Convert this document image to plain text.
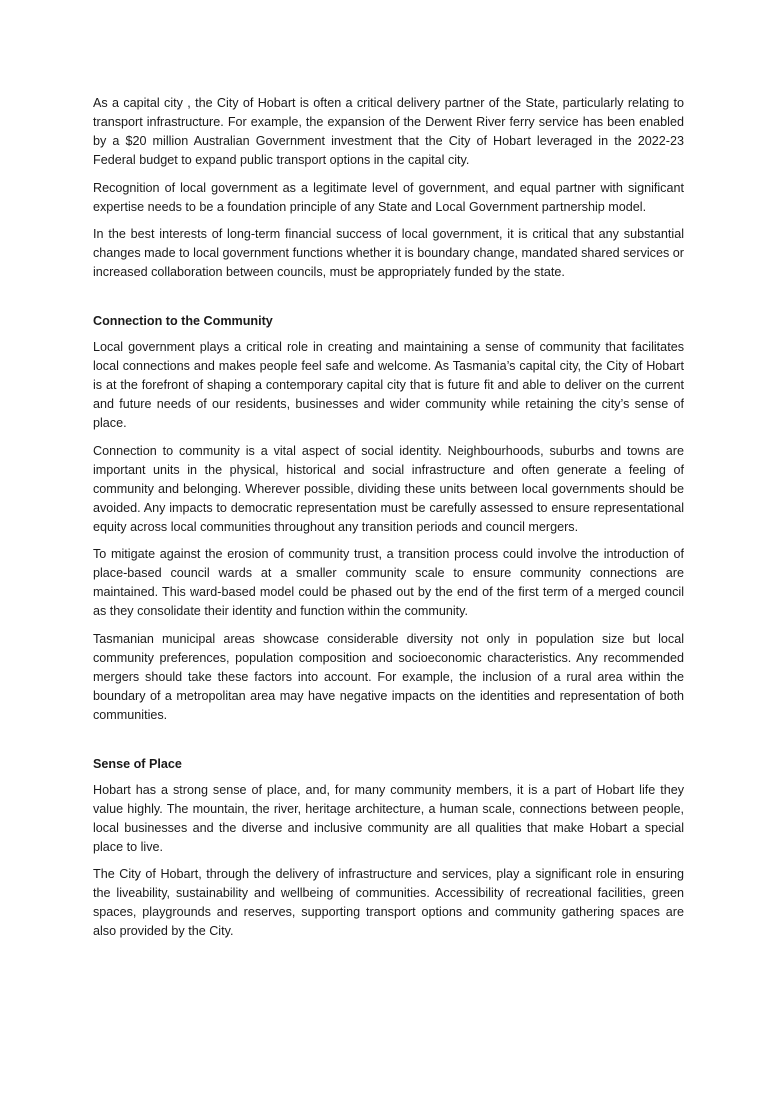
As a capital city , the City of Hobart is often a critical delivery partner of the State, particularly relating to transport infrastructure. For example, the expansion of the Derwent River ferry service has been enabled by a $20 million Australian Government investment that the City of Hobart leveraged in the 2022-23 Federal budget to expand public transport options in the capital city.

Recognition of local government as a legitimate level of government, and equal partner with significant expertise needs to be a foundation principle of any State and Local Government partnership model.

In the best interests of long-term financial success of local government, it is critical that any substantial changes made to local government functions whether it is boundary change, mandated shared services or increased collaboration between councils, must be appropriately funded by the state.

Connection to the Community

Local government plays a critical role in creating and maintaining a sense of community that facilitates local connections and makes people feel safe and welcome. As Tasmania’s capital city, the City of Hobart is at the forefront of shaping a contemporary capital city that is future fit and able to deliver on the current and future needs of our residents, businesses and wider community while retaining the city’s sense of place.

Connection to community is a vital aspect of social identity. Neighbourhoods, suburbs and towns are important units in the physical, historical and social infrastructure and often generate a feeling of community and belonging. Wherever possible, dividing these units between local governments should be avoided. Any impacts to democratic representation must be carefully assessed to ensure representational equity across local communities throughout any transition periods and council mergers.

To mitigate against the erosion of community trust, a transition process could involve the introduction of place-based council wards at a smaller community scale to ensure community connections are maintained. This ward-based model could be phased out by the end of the first term of a merged council as they consolidate their identity and function within the community.

Tasmanian municipal areas showcase considerable diversity not only in population size but local community preferences, population composition and socioeconomic characteristics. Any recommended mergers should take these factors into account. For example, the inclusion of a rural area within the boundary of a metropolitan area may have negative impacts on the identities and representation of both communities.

Sense of Place

Hobart has a strong sense of place, and, for many community members, it is a part of Hobart life they value highly. The mountain, the river, heritage architecture, a human scale, connections between people, local businesses and the diverse and inclusive community are all qualities that make Hobart a special place to live.

The City of Hobart, through the delivery of infrastructure and services, play a significant role in ensuring the liveability, sustainability and wellbeing of communities. Accessibility of recreational facilities, green spaces, playgrounds and reserves, supporting transport options and community gathering spaces are also provided by the City.
